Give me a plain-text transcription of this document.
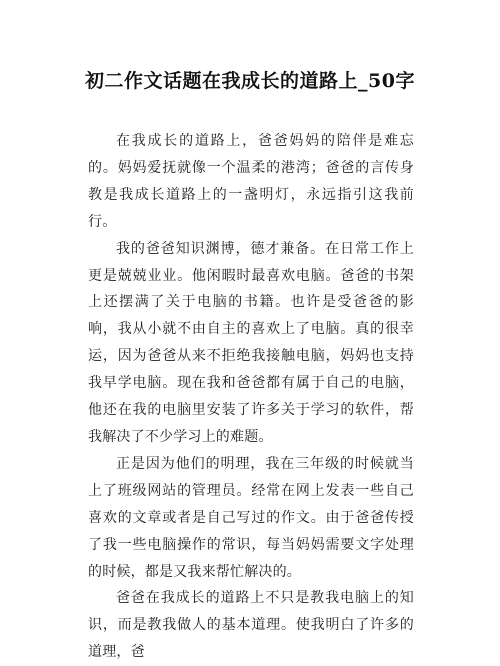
初二作文话题在我成长的道路上_50字

在我成长的道路上，爸爸妈妈的陪伴是难忘的。妈妈爱抚就像一个温柔的港湾；爸爸的言传身教是我成长道路上的一盏明灯，永远指引这我前行。

我的爸爸知识渊博，德才兼备。在日常工作上更是兢兢业业。他闲暇时最喜欢电脑。爸爸的书架上还摆满了关于电脑的书籍。也许是受爸爸的影响，我从小就不由自主的喜欢上了电脑。真的很幸运，因为爸爸从来不拒绝我接触电脑，妈妈也支持我早学电脑。现在我和爸爸都有属于自己的电脑，他还在我的电脑里安装了许多关于学习的软件，帮我解决了不少学习上的难题。

正是因为他们的明理，我在三年级的时候就当上了班级网站的管理员。经常在网上发表一些自己喜欢的文章或者是自己写过的作文。由于爸爸传授了我一些电脑操作的常识，每当妈妈需要文字处理的时候，都是又我来帮忙解决的。

爸爸在我成长的道路上不只是教我电脑上的知识，而是教我做人的基本道理。使我明白了许多的道理，爸
